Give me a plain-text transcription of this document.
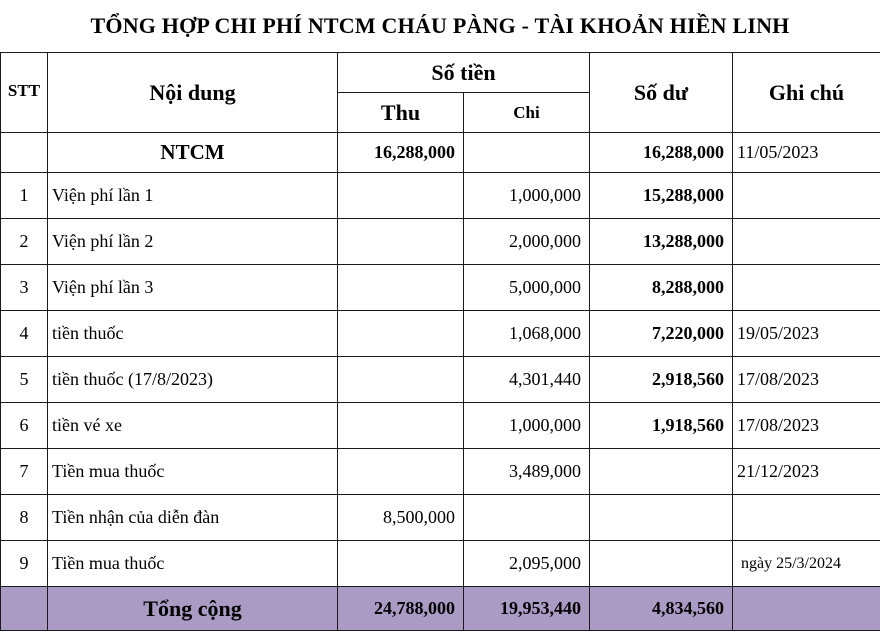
TỔNG HỢP CHI PHÍ NTCM CHÁU PÀNG - TÀI KHOẢN HIỀN LINH
STT	Nội dung	Số tiền		Số dư	Ghi chú
		Thu	Chi		
	NTCM	16,288,000		16,288,000	11/05/2023
1	Viện phí lần 1		1,000,000	15,288,000	
2	Viện phí lần 2		2,000,000	13,288,000	
3	Viện phí lần 3		5,000,000	8,288,000	
4	tiền thuốc		1,068,000	7,220,000	19/05/2023
5	tiền thuốc (17/8/2023)		4,301,440	2,918,560	17/08/2023
6	tiền vé xe		1,000,000	1,918,560	17/08/2023
7	Tiền mua thuốc		3,489,000		21/12/2023
8	Tiền nhận của diễn đàn	8,500,000			
9	Tiền mua thuốc		2,095,000		ngày 25/3/2024
	Tổng cộng	24,788,000	19,953,440	4,834,560	
